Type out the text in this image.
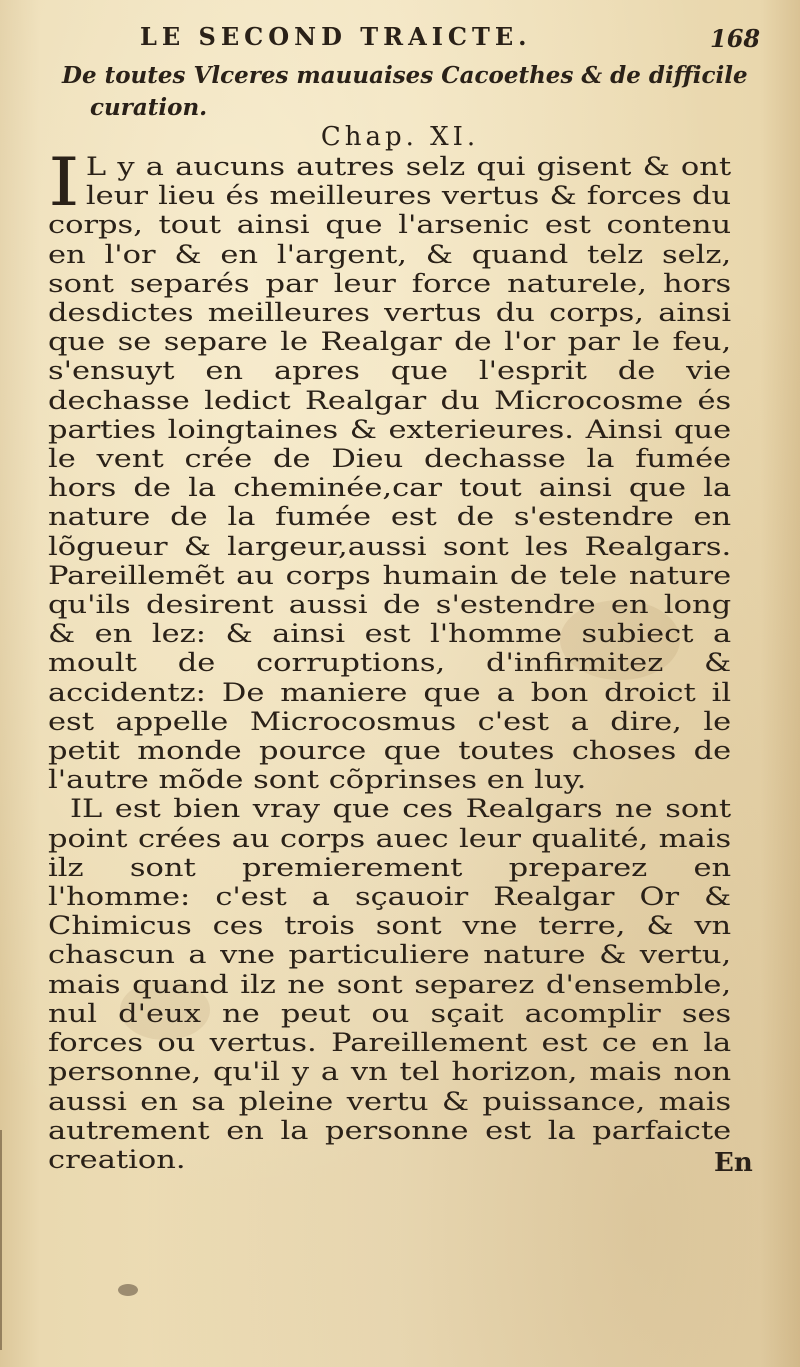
LE SECOND TRAICTE.	168
De toutes Vlceres mauuaises Cacoethes & de difficile
curation.
Chap. XI.

I L y a aucuns autres selz qui gisent & ont leur lieu és meilleures vertus & forces du corps, tout ainsi que l'arsenic est contenu en l'or & en l'argent, & quand telz selz, sont separés par leur force naturele, hors desdictes meilleures vertus du corps, ainsi que se separe le Realgar de l'or par le feu, s'ensuyt en apres que l'esprit de vie dechasse ledict Realgar du Microcosme és parties loingtaines & exterieures. Ainsi que le vent crée de Dieu dechasse la fumée hors de la cheminée,car tout ainsi que la nature de la fumée est de s'estendre en lõgueur & largeur,aussi sont les Realgars. Pareillemẽt au corps humain de tele nature qu'ils desirent aussi de s'estendre en long & en lez: & ainsi est l'homme subiect a moult de corruptions, d'infirmitez & accidentz: De maniere que a bon droict il est appelle Microcosmus c'est a dire, le petit monde pource que toutes choses de l'autre mõde sont cõprinses en luy.

IL est bien vray que ces Realgars ne sont point crées au corps auec leur qualité, mais ilz sont premierement preparez en l'homme: c'est a sçauoir Realgar Or & Chimicus ces trois sont vne terre, & vn chascun a vne particuliere nature & vertu, mais quand ilz ne sont separez d'ensemble, nul d'eux ne peut ou sçait acomplir ses forces ou vertus. Pareillement est ce en la personne, qu'il y a vn tel horizon, mais non aussi en sa pleine vertu & puissance, mais autrement en la personne est la parfaicte creation.	En
